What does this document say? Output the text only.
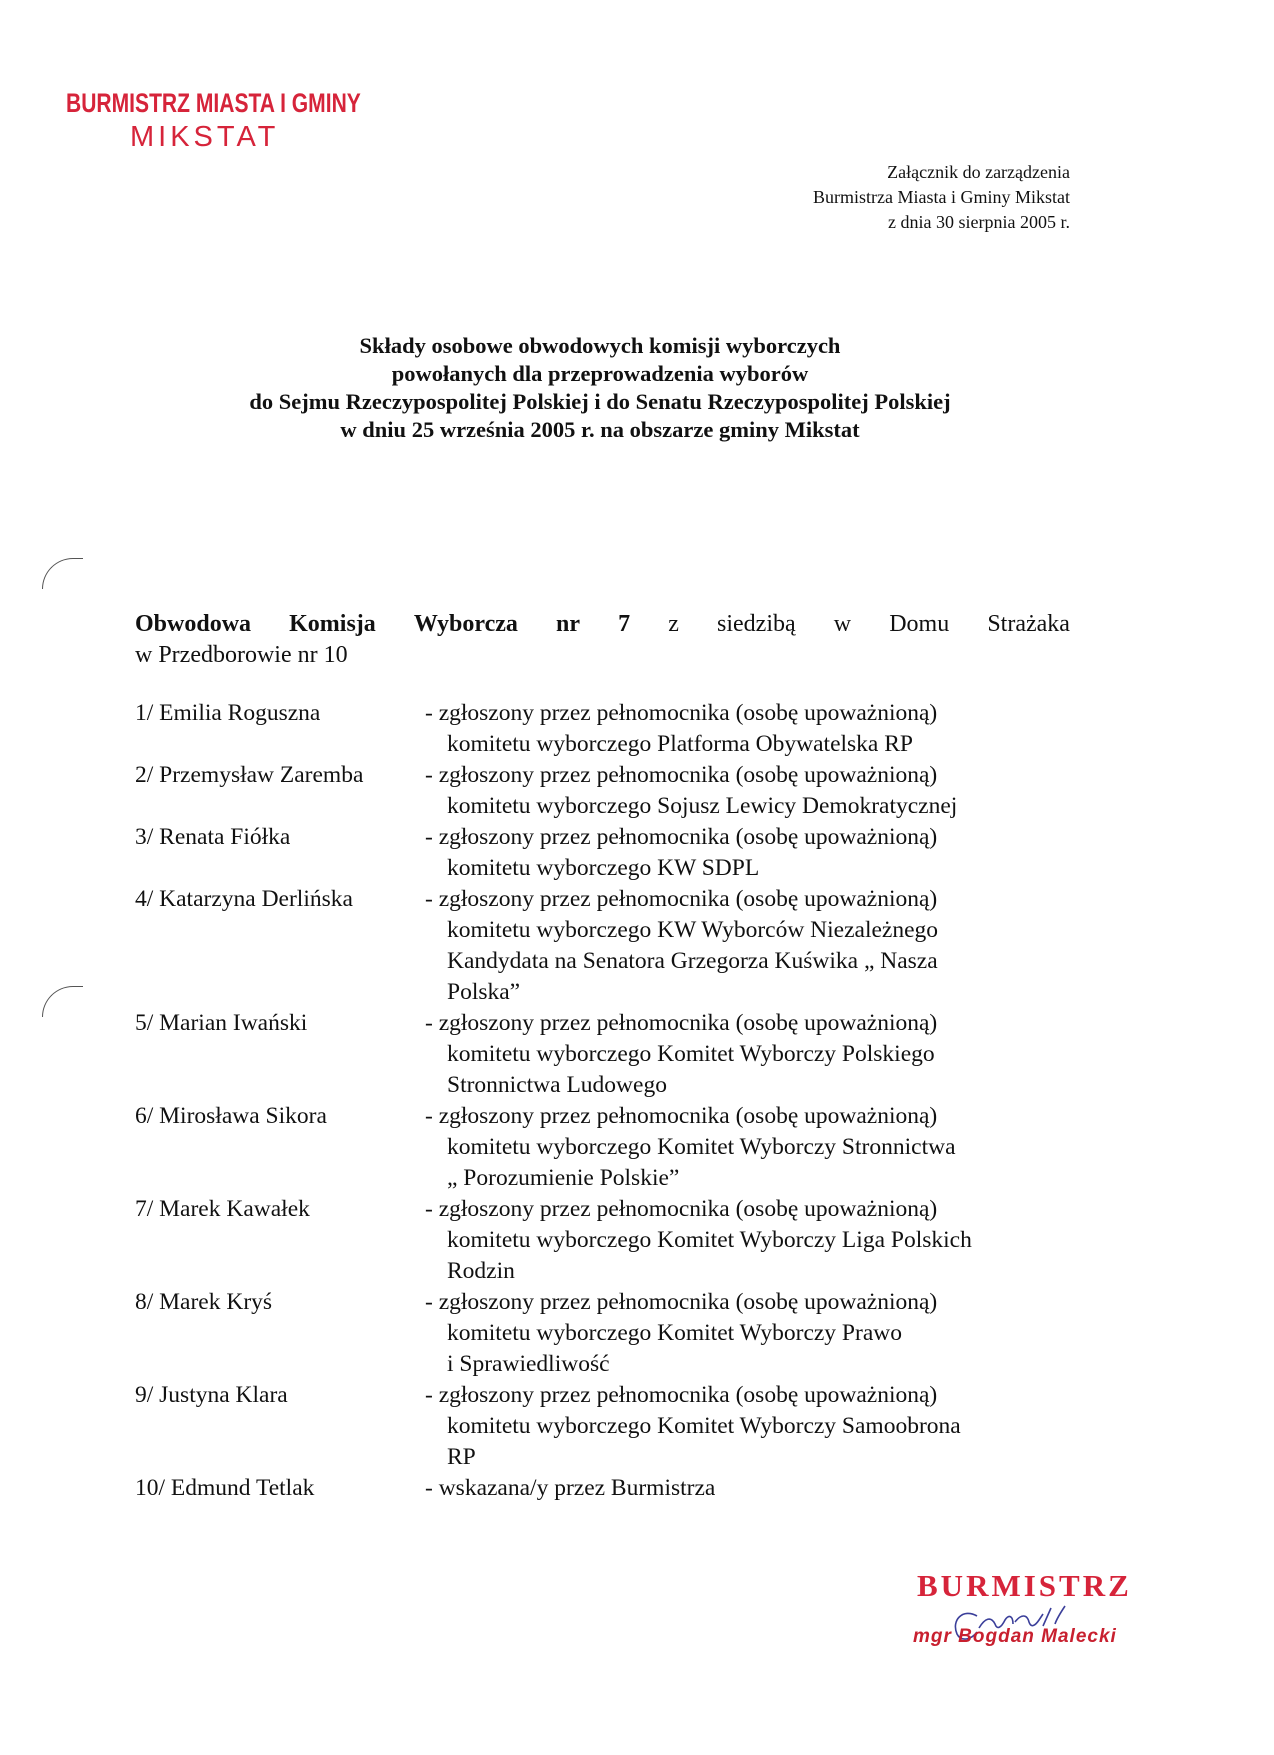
BURMISTRZ MIASTA I GMINY
MIKSTAT
Załącznik do zarządzenia
Burmistrza Miasta i Gminy Mikstat
z dnia 30 sierpnia 2005 r.
Składy osobowe obwodowych komisji wyborczych
powołanych dla przeprowadzenia wyborów
do Sejmu Rzeczypospolitej Polskiej i do Senatu Rzeczypospolitej Polskiej
w dniu 25 września 2005 r. na obszarze gminy Mikstat
Obwodowa Komisja Wyborcza nr 7 z siedzibą w Domu Strażaka
w Przedborowie nr 10
1/ Emilia Roguszna	- zgłoszony przez pełnomocnika (osobę upoważnioną)
komitetu wyborczego Platforma Obywatelska RP
2/ Przemysław Zaremba	- zgłoszony przez pełnomocnika (osobę upoważnioną)
komitetu wyborczego Sojusz Lewicy Demokratycznej
3/ Renata Fiółka	- zgłoszony przez pełnomocnika (osobę upoważnioną)
komitetu wyborczego KW SDPL
4/ Katarzyna Derlińska	- zgłoszony przez pełnomocnika (osobę upoważnioną)
komitetu wyborczego KW Wyborców Niezależnego
Kandydata na Senatora Grzegorza Kuświka „ Nasza
Polska”
5/ Marian Iwański	- zgłoszony przez pełnomocnika (osobę upoważnioną)
komitetu wyborczego Komitet Wyborczy Polskiego
Stronnictwa Ludowego
6/ Mirosława Sikora	- zgłoszony przez pełnomocnika (osobę upoważnioną)
komitetu wyborczego Komitet Wyborczy Stronnictwa
„ Porozumienie Polskie”
7/ Marek Kawałek	- zgłoszony przez pełnomocnika (osobę upoważnioną)
komitetu wyborczego Komitet Wyborczy Liga Polskich
Rodzin
8/ Marek Kryś	- zgłoszony przez pełnomocnika (osobę upoważnioną)
komitetu wyborczego Komitet Wyborczy Prawo
i Sprawiedliwość
9/ Justyna Klara	- zgłoszony przez pełnomocnika (osobę upoważnioną)
komitetu wyborczego Komitet Wyborczy Samoobrona
RP
10/ Edmund Tetlak	- wskazana/y przez Burmistrza
BURMISTRZ
mgr Bogdan Malecki
